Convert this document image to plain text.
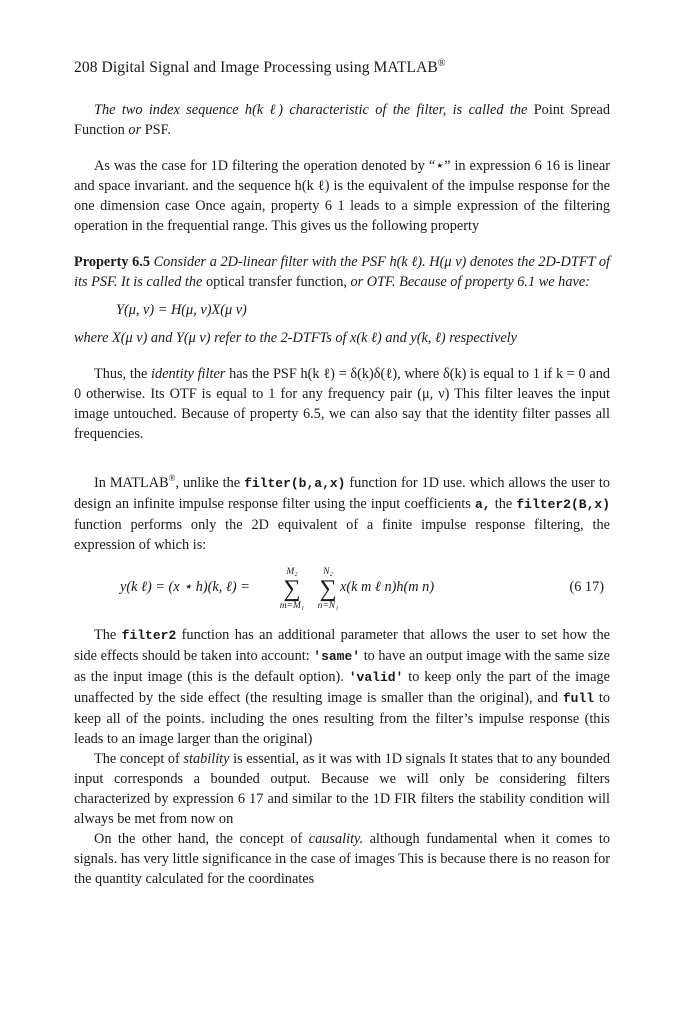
208 Digital Signal and Image Processing using MATLAB®

The two index sequence h(k ℓ) characteristic of the filter, is called the Point Spread Function or PSF.

As was the case for 1D filtering the operation denoted by “⋆” in expression 6 16 is linear and space invariant. and the sequence h(k ℓ) is the equivalent of the impulse response for the one dimension case Once again, property 6 1 leads to a simple expression of the filtering operation in the frequential range. This gives us the following property

Property 6.5 Consider a 2D-linear filter with the PSF h(k ℓ). H(μ ν) denotes the 2D-DTFT of its PSF. It is called the optical transfer function, or OTF. Because of property 6.1 we have:

Y(μ, ν) = H(μ, ν)X(μ ν)

where X(μ ν) and Y(μ ν) refer to the 2-DTFTs of x(k ℓ) and y(k, ℓ) respectively

Thus, the identity filter has the PSF h(k ℓ) = δ(k)δ(ℓ), where δ(k) is equal to 1 if k = 0 and 0 otherwise. Its OTF is equal to 1 for any frequency pair (μ, ν) This filter leaves the input image untouched. Because of property 6.5, we can also say that the identity filter passes all frequencies.

In MATLAB®, unlike the filter(b,a,x) function for 1D use. which allows the user to design an infinite impulse response filter using the input coefficients a, the filter2(B,x) function performs only the 2D equivalent of a finite impulse response filtering, the expression of which is:

y(k ℓ) = (x ⋆ h)(k, ℓ) =
M₂
∑
m=M₁
N₂
∑
n=N₁
x(k m ℓ n)h(m n)	(6 17)

The filter2 function has an additional parameter that allows the user to set how the side effects should be taken into account: 'same' to have an output image with the same size as the input image (this is the default option). 'valid' to keep only the part of the image unaffected by the side effect (the resulting image is smaller than the original), and full to keep all of the points. including the ones resulting from the filter’s impulse response (this leads to an image larger than the original)

The concept of stability is essential, as it was with 1D signals It states that to any bounded input corresponds a bounded output. Because we will only be considering filters characterized by expression 6 17 and similar to the 1D FIR filters the stability condition will always be met from now on

On the other hand, the concept of causality. although fundamental when it comes to signals. has very little significance in the case of images This is because there is no reason for the quantity calculated for the coordinates
